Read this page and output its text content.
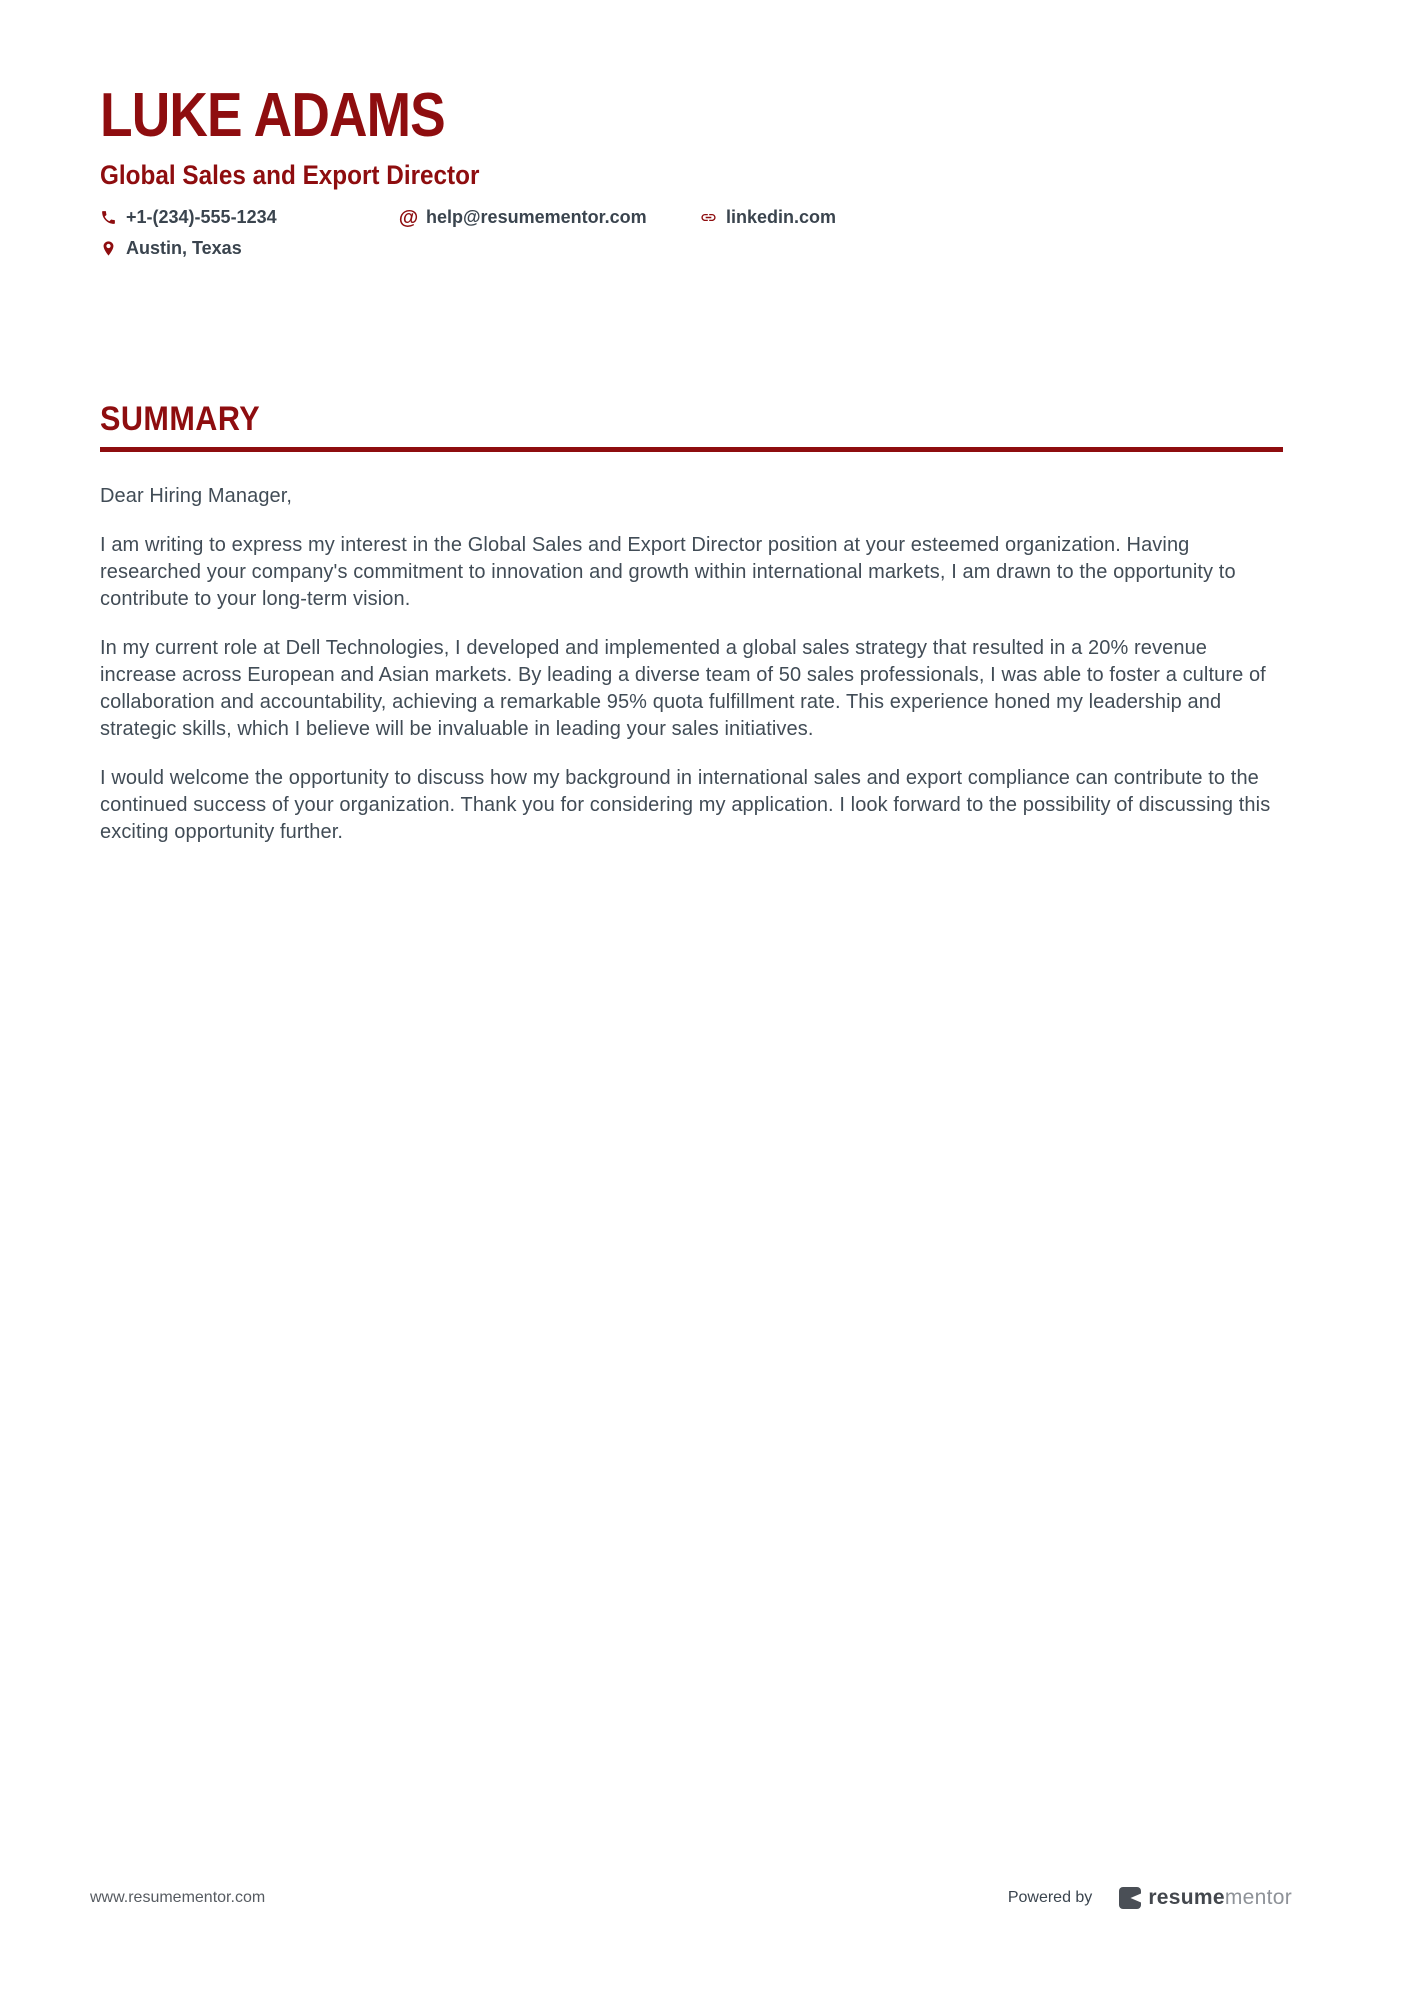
LUKE ADAMS
Global Sales and Export Director
+1-(234)-555-1234	@ help@resumementor.com	linkedin.com
Austin, Texas
SUMMARY

Dear Hiring Manager,

I am writing to express my interest in the Global Sales and Export Director position at your esteemed organization. Having researched your company's commitment to innovation and growth within international markets, I am drawn to the opportunity to contribute to your long-term vision.

In my current role at Dell Technologies, I developed and implemented a global sales strategy that resulted in a 20% revenue increase across European and Asian markets. By leading a diverse team of 50 sales professionals, I was able to foster a culture of collaboration and accountability, achieving a remarkable 95% quota fulfillment rate. This experience honed my leadership and strategic skills, which I believe will be invaluable in leading your sales initiatives.

I would welcome the opportunity to discuss how my background in international sales and export compliance can contribute to the continued success of your organization. Thank you for considering my application. I look forward to the possibility of discussing this exciting opportunity further.

www.resumementor.com	Powered by	resumementor
